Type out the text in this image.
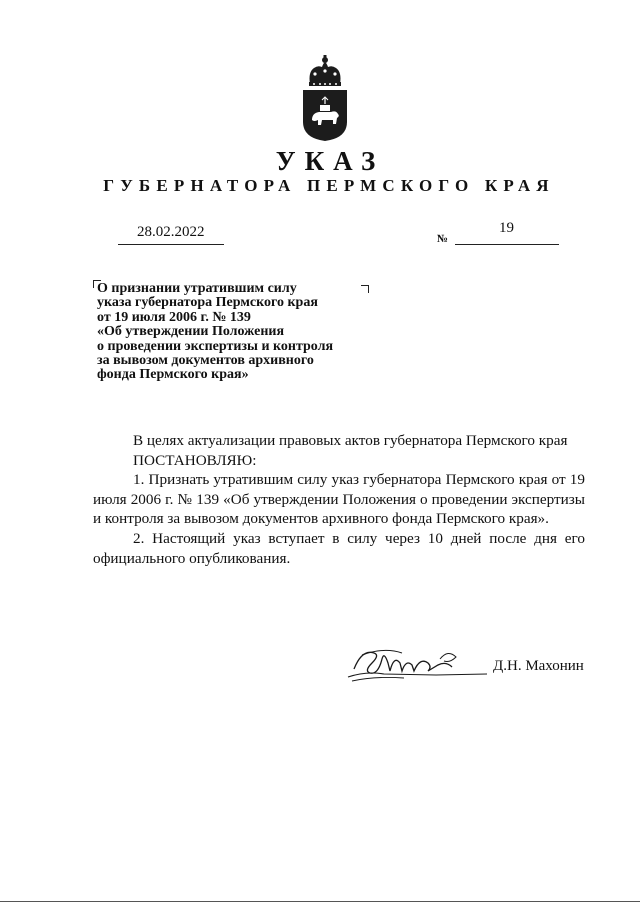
УКАЗ
ГУБЕРНАТОРА ПЕРМСКОГО КРАЯ
28.02.2022	№
19
О признании утратившим силу
указа губернатора Пермского края
от 19 июля 2006 г. № 139
«Об утверждении Положения
о проведении экспертизы и контроля
за вывозом документов архивного
фонда Пермского края»
В целях актуализации правовых актов губернатора Пермского края
ПОСТАНОВЛЯЮ:
1. Признать утратившим силу указ губернатора Пермского края от 19 июля 2006 г. № 139 «Об утверждении Положения о проведении экспертизы и контроля за вывозом документов архивного фонда Пермского края».
2. Настоящий указ вступает в силу через 10 дней после дня его официального опубликования.
Д.Н. Махонин
